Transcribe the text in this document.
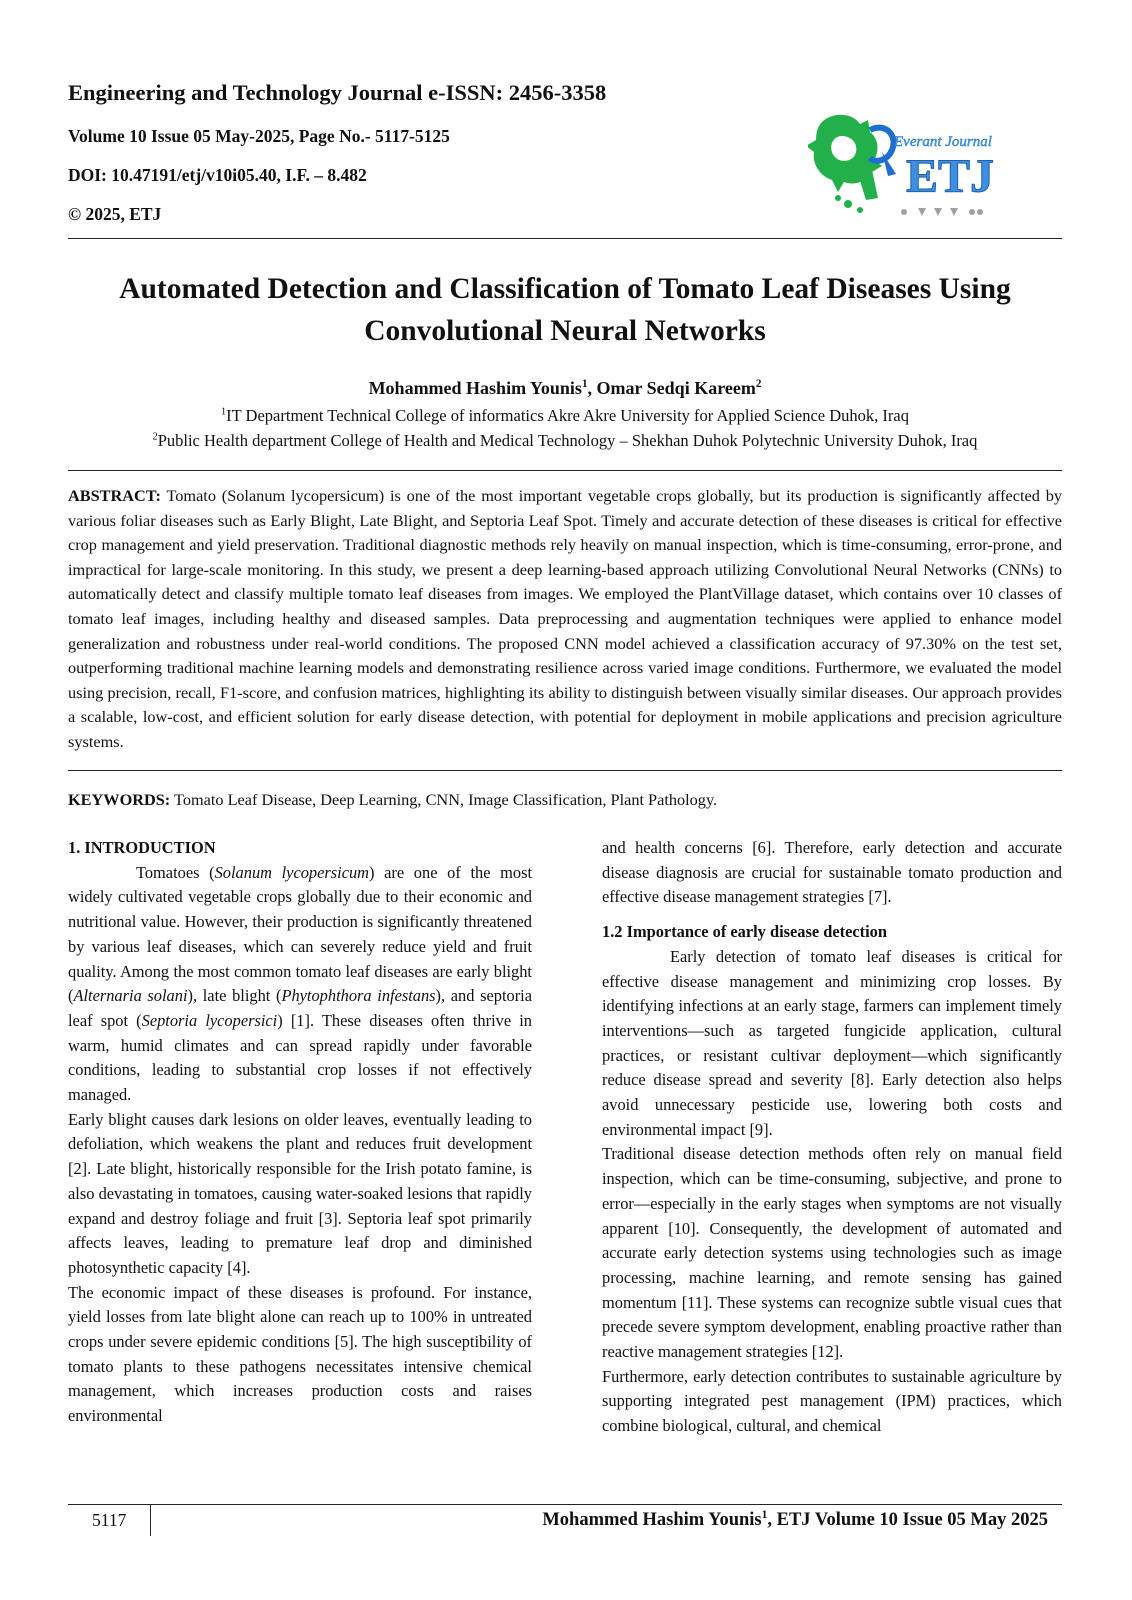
Engineering and Technology Journal e-ISSN: 2456-3358

Volume 10 Issue 05 May-2025, Page No.- 5117-5125

DOI: 10.47191/etj/v10i05.40, I.F. – 8.482

© 2025, ETJ

Everant Journal
ETJ
Automated Detection and Classification of Tomato Leaf Diseases Using Convolutional Neural Networks

Mohammed Hashim Younis$^1$, Omar Sedqi Kareem$^2$

$^1$IT Department Technical College of informatics Akre Akre University for Applied Science Duhok, Iraq

$^2$Public Health department College of Health and Medical Technology – Shekhan Duhok Polytechnic University Duhok, Iraq

ABSTRACT: Tomato (Solanum lycopersicum) is one of the most important vegetable crops globally, but its production is significantly affected by various foliar diseases such as Early Blight, Late Blight, and Septoria Leaf Spot. Timely and accurate detection of these diseases is critical for effective crop management and yield preservation. Traditional diagnostic methods rely heavily on manual inspection, which is time-consuming, error-prone, and impractical for large-scale monitoring. In this study, we present a deep learning-based approach utilizing Convolutional Neural Networks (CNNs) to automatically detect and classify multiple tomato leaf diseases from images. We employed the PlantVillage dataset, which contains over 10 classes of tomato leaf images, including healthy and diseased samples. Data preprocessing and augmentation techniques were applied to enhance model generalization and robustness under real-world conditions. The proposed CNN model achieved a classification accuracy of 97.30% on the test set, outperforming traditional machine learning models and demonstrating resilience across varied image conditions. Furthermore, we evaluated the model using precision, recall, F1-score, and confusion matrices, highlighting its ability to distinguish between visually similar diseases. Our approach provides a scalable, low-cost, and efficient solution for early disease detection, with potential for deployment in mobile applications and precision agriculture systems.

KEYWORDS: Tomato Leaf Disease, Deep Learning, CNN, Image Classification, Plant Pathology.

1. INTRODUCTION

Tomatoes (Solanum lycopersicum) are one of the most widely cultivated vegetable crops globally due to their economic and nutritional value. However, their production is significantly threatened by various leaf diseases, which can severely reduce yield and fruit quality. Among the most common tomato leaf diseases are early blight (Alternaria solani), late blight (Phytophthora infestans), and septoria leaf spot (Septoria lycopersici) [1]. These diseases often thrive in warm, humid climates and can spread rapidly under favorable conditions, leading to substantial crop losses if not effectively managed.

Early blight causes dark lesions on older leaves, eventually leading to defoliation, which weakens the plant and reduces fruit development [2]. Late blight, historically responsible for the Irish potato famine, is also devastating in tomatoes, causing water-soaked lesions that rapidly expand and destroy foliage and fruit [3]. Septoria leaf spot primarily affects leaves, leading to premature leaf drop and diminished photosynthetic capacity [4].

The economic impact of these diseases is profound. For instance, yield losses from late blight alone can reach up to 100% in untreated crops under severe epidemic conditions [5]. The high susceptibility of tomato plants to these pathogens necessitates intensive chemical management, which increases production costs and raises environmental

and health concerns [6]. Therefore, early detection and accurate disease diagnosis are crucial for sustainable tomato production and effective disease management strategies [7].

1.2 Importance of early disease detection

Early detection of tomato leaf diseases is critical for effective disease management and minimizing crop losses. By identifying infections at an early stage, farmers can implement timely interventions—such as targeted fungicide application, cultural practices, or resistant cultivar deployment—which significantly reduce disease spread and severity [8]. Early detection also helps avoid unnecessary pesticide use, lowering both costs and environmental impact [9].

Traditional disease detection methods often rely on manual field inspection, which can be time-consuming, subjective, and prone to error—especially in the early stages when symptoms are not visually apparent [10]. Consequently, the development of automated and accurate early detection systems using technologies such as image processing, machine learning, and remote sensing has gained momentum [11]. These systems can recognize subtle visual cues that precede severe symptom development, enabling proactive rather than reactive management strategies [12].

Furthermore, early detection contributes to sustainable agriculture by supporting integrated pest management (IPM) practices, which combine biological, cultural, and chemical

5117	Mohammed Hashim Younis$^1$, ETJ Volume 10 Issue 05 May 2025
